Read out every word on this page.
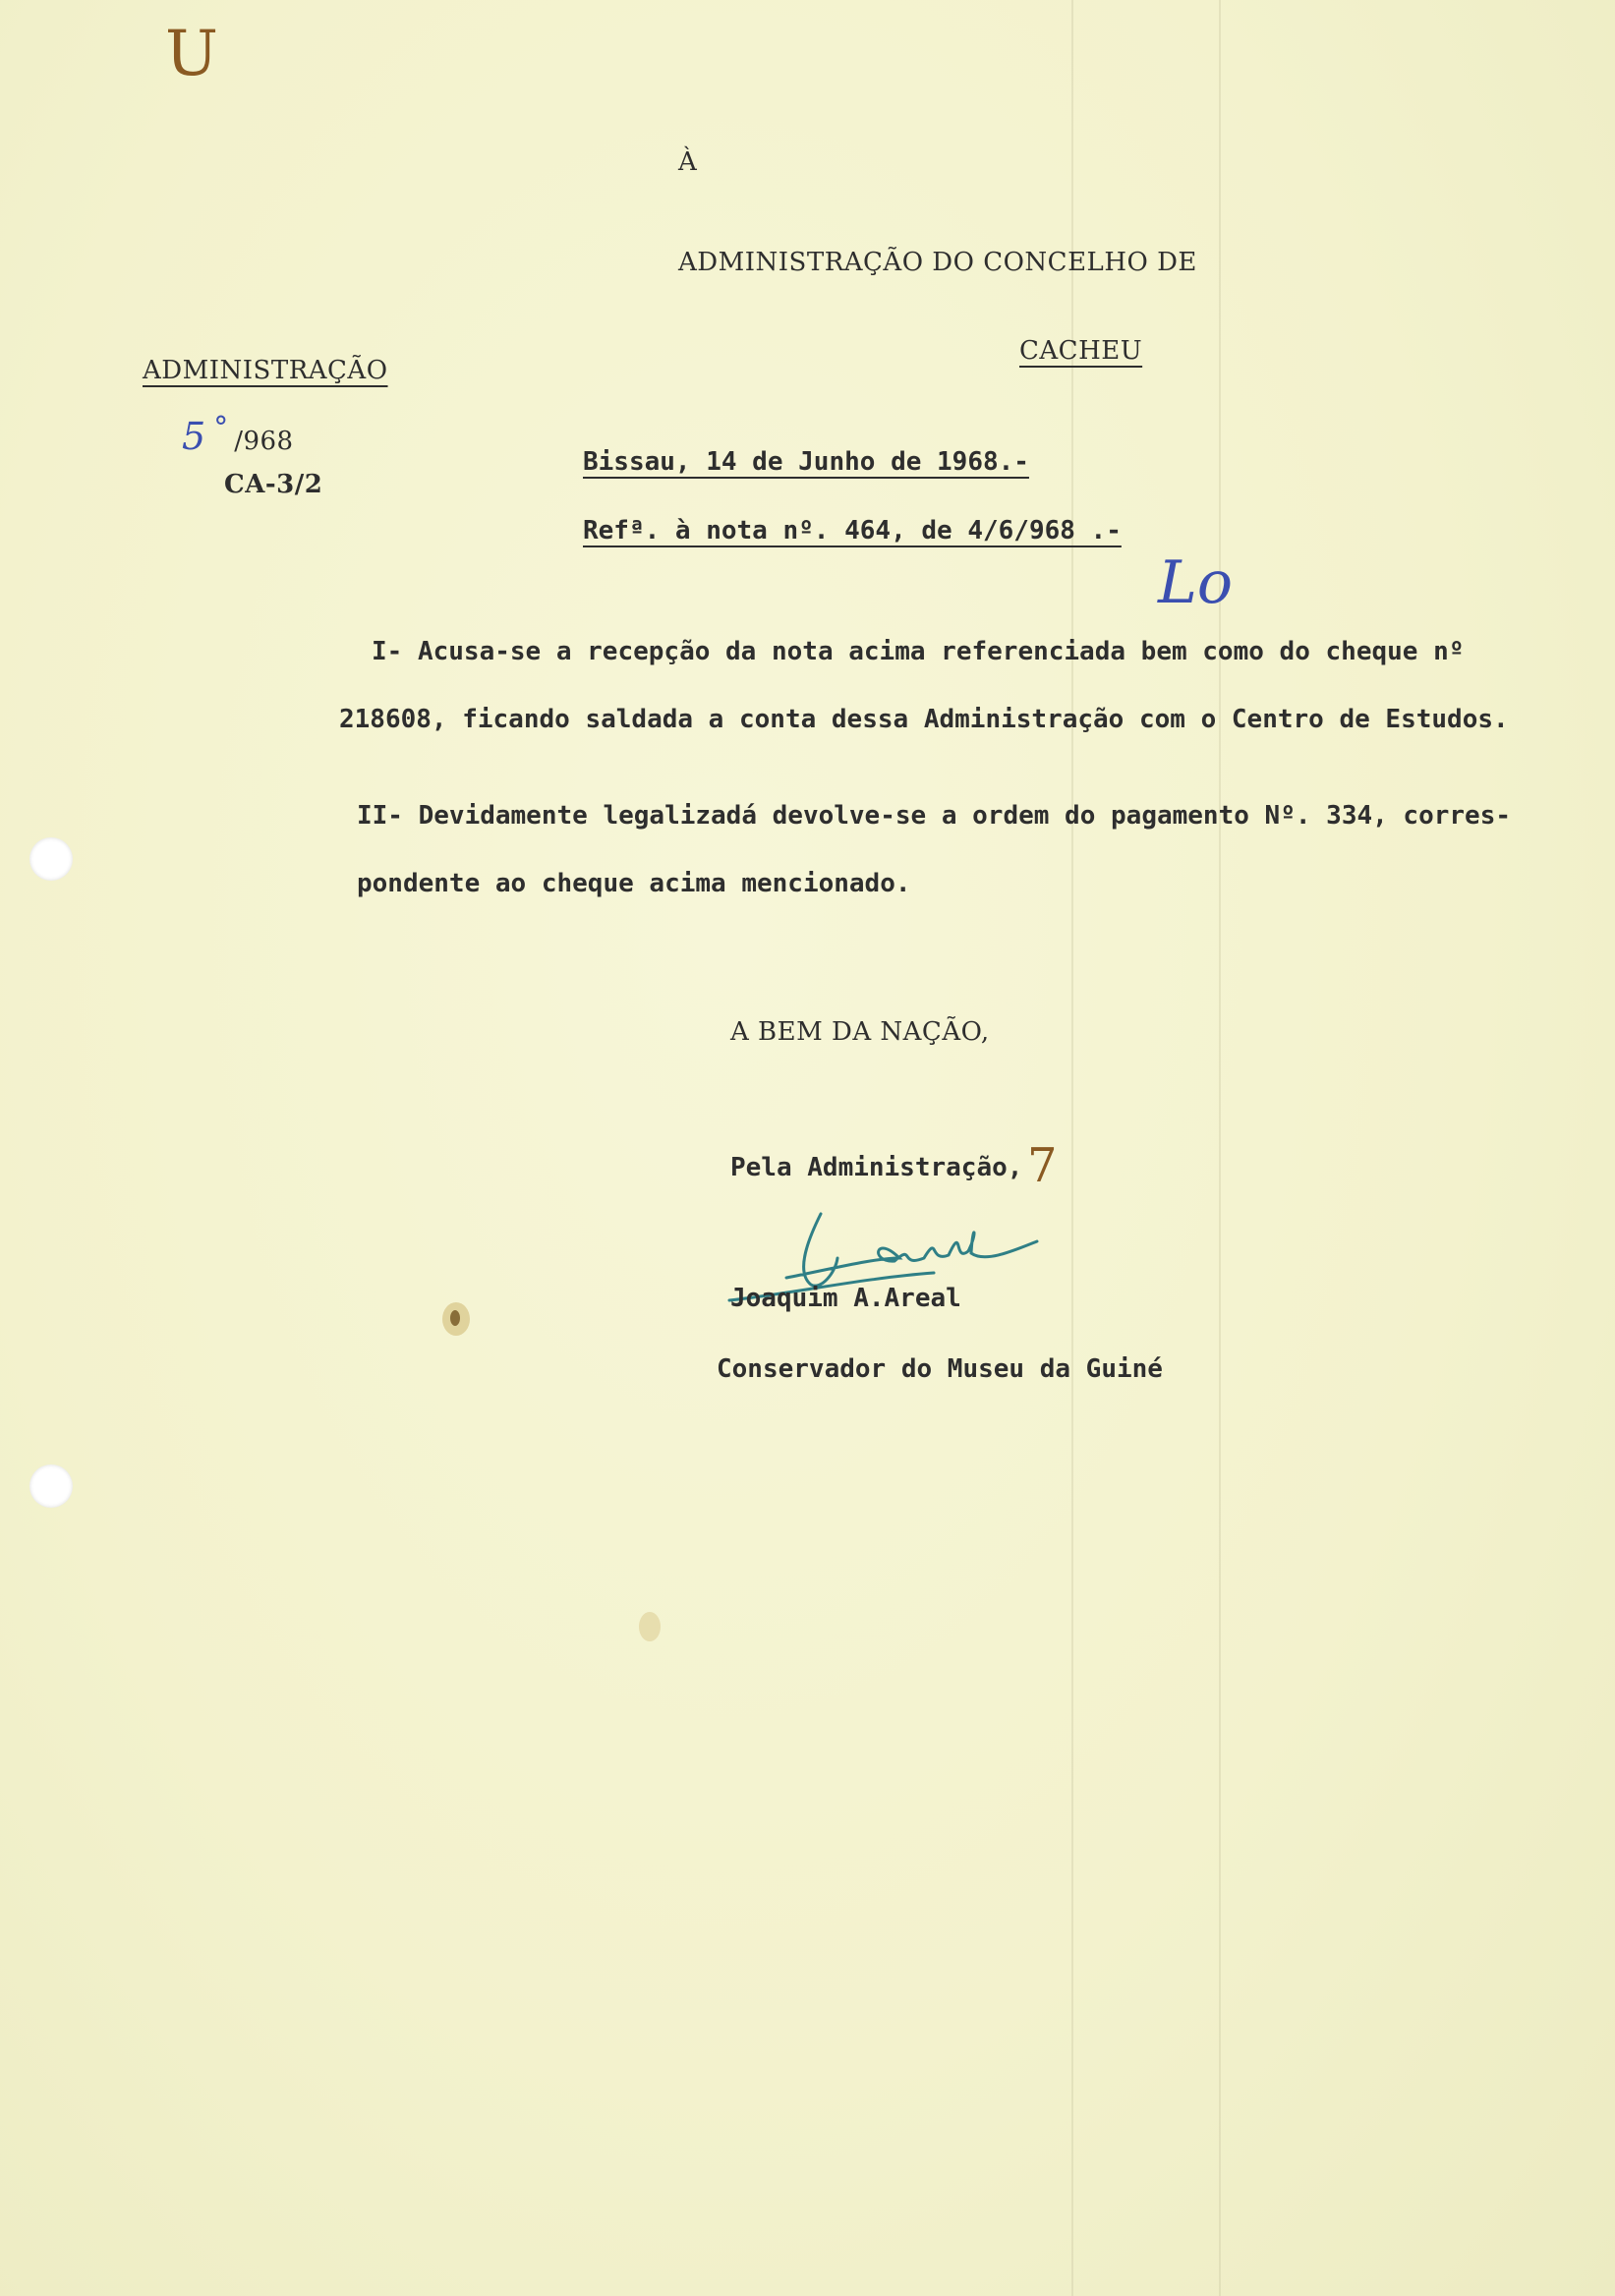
U
À
ADMINISTRAÇÃO DO CONCELHO DE
CACHEU
ADMINISTRAÇÃO
5 ° /968
CA-3/2
Bissau, 14 de Junho de 1968.-
Refª. à nota nº. 464, de 4/6/968 .-
Lo
I- Acusa-se a recepção da nota acima referenciada bem como do cheque nº
218608, ficando saldada a conta dessa Administração com o Centro de Estudos.
II- Devidamente legalizadá devolve-se a ordem do pagamento Nº. 334, corres-
pondente ao cheque acima mencionado.
A BEM DA NAÇÃO,
Pela Administração, 7
Joaquim A.Areal
Conservador do Museu da Guiné
